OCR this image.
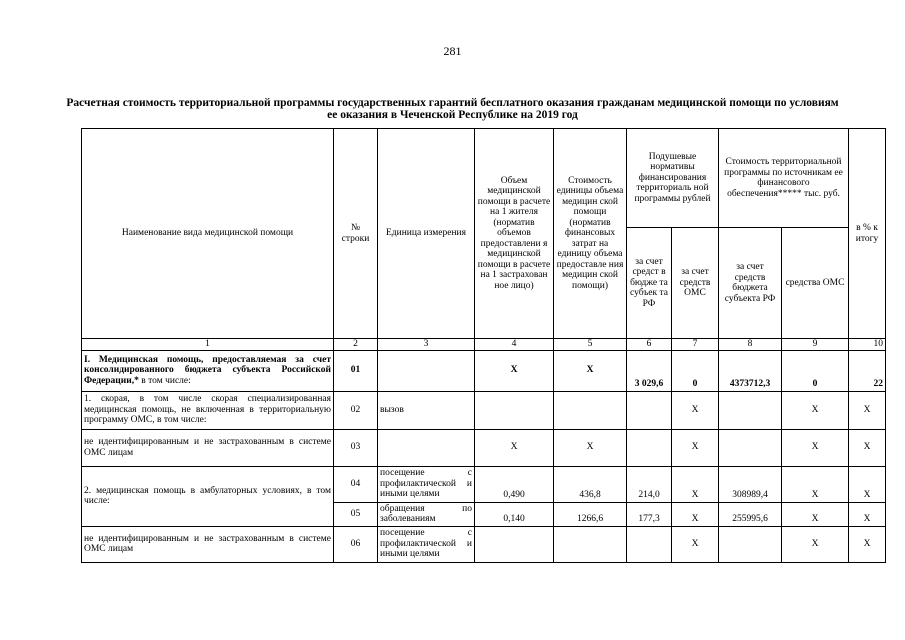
281
Расчетная стоимость территориальной программы государственных гарантий бесплатного оказания гражданам медицинской помощи по условиям ее оказания в Чеченской Республике на 2019 год
Наименование вида медицинской помощи	№ строки	Единица измерения	Объем медицинской помощи в расчете на 1 жителя (норматив объемов предоставлени я медицинской помощи в расчете на 1 застрахован ное лицо)	Стоимость единицы объема медицин ской помощи (норматив финансовых затрат на единицу объема предоставле ния медицин ской помощи)	Подушевые нормативы финансирования территориаль ной программы рублей		Стоимость территориальной программы по источникам ее финансового обеспечения***** тыс. руб.		в % к итогу
					за счет средст в бюдже та субъек та РФ	за счет средств ОМС	за счет средств бюджета субъекта РФ	средства ОМС	
1	2	3	4	5	6	7	8	9	10
I. Медицинская помощь, предоставляемая за счет консолидированного бюджета субъекта Российской Федерации,* в том числе:	01		X	X	3 029,6	0	4373712,3	0	22
1. скорая, в том числе скорая специализированная медицинская помощь, не включенная в территориальную программу ОМС, в том числе:	02	вызов				X		X	X
не идентифицированным и не застрахованным в системе ОМС лицам	03		X	X		X		X	X
2. медицинская помощь в амбулаторных условиях, в том числе:	04	посещение с профилактической и иными целями	0,490	436,8	214,0	X	308989,4	X	X
	05	обращения по заболеваниям	0,140	1266,6	177,3	X	255995,6	X	X
не идентифицированным и не застрахованным в системе ОМС лицам	06	посещение с профилактической и иными целями				X		X	X
